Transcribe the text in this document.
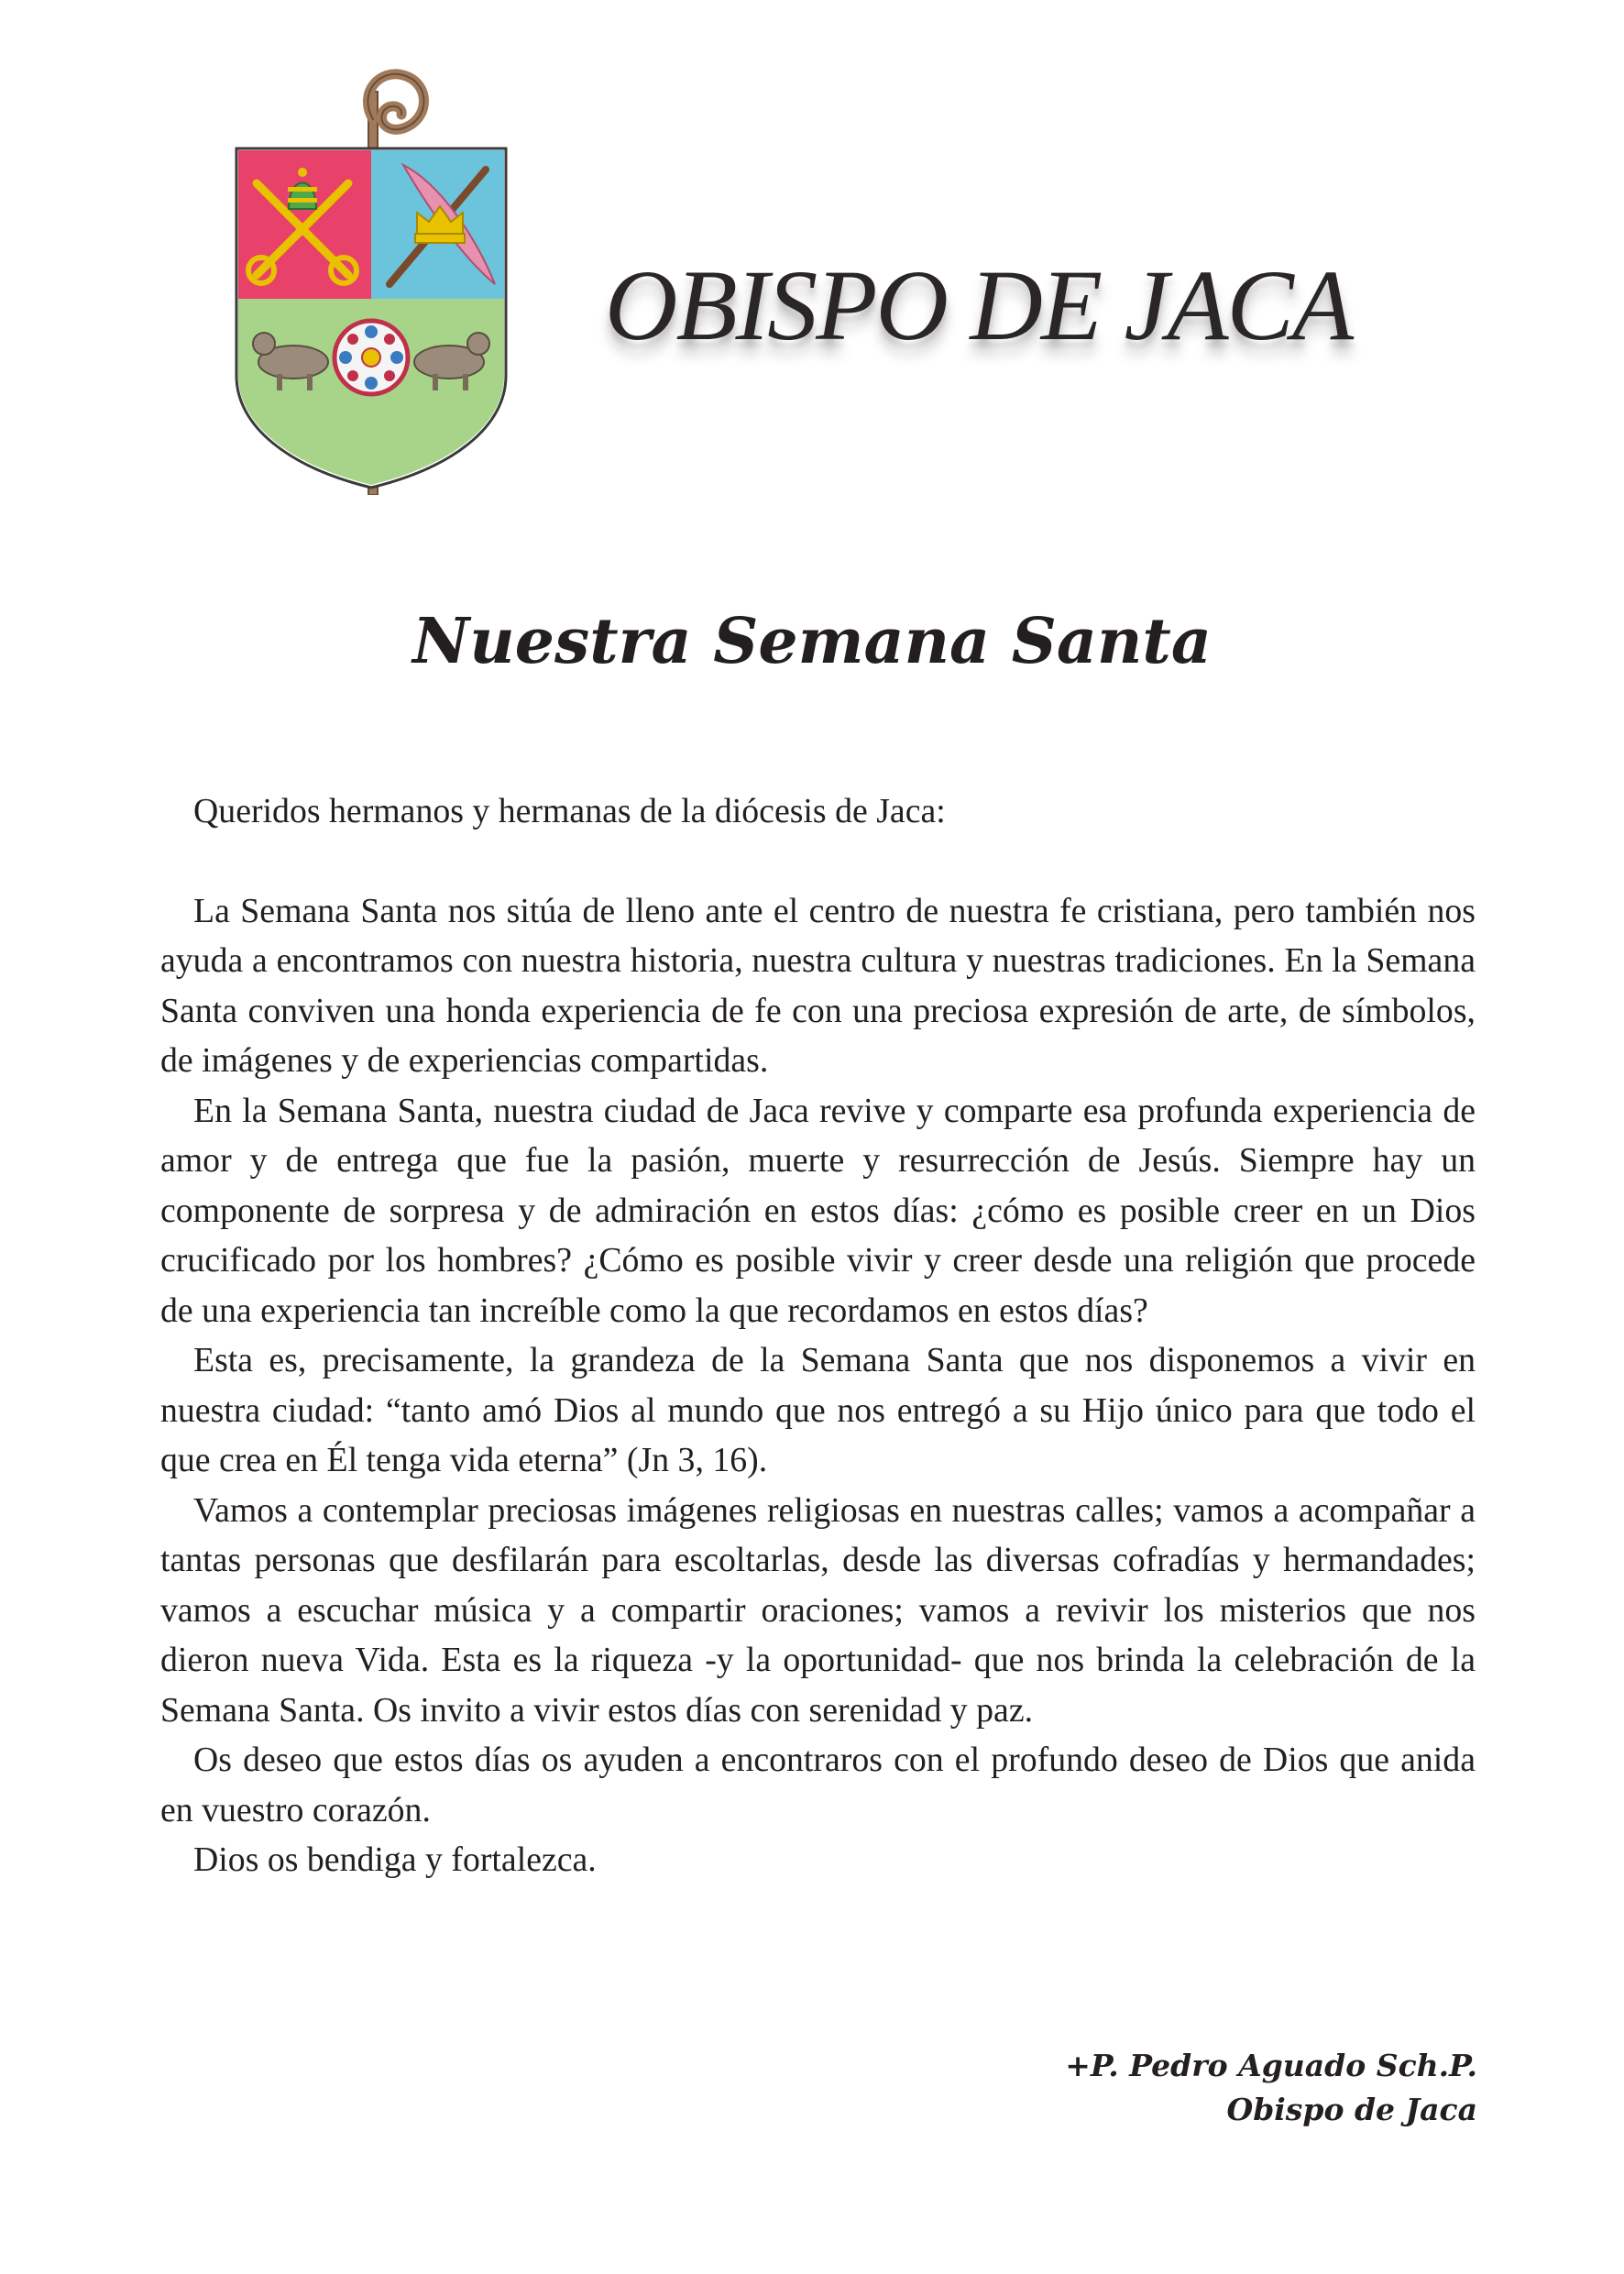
OBISPO DE JACA
Nuestra Semana Santa

Queridos hermanos y hermanas de la diócesis de Jaca:

La Semana Santa nos sitúa de lleno ante el centro de nuestra fe cristiana, pero también nos ayuda a encontramos con nuestra historia, nuestra cultura y nuestras tradiciones. En la Semana Santa conviven una honda experiencia de fe con una preciosa expresión de arte, de símbolos, de imágenes y de experiencias compartidas.

En la Semana Santa, nuestra ciudad de Jaca revive y comparte esa profunda experiencia de amor y de entrega que fue la pasión, muerte y resurrección de Jesús. Siempre hay un componente de sorpresa y de admiración en estos días: ¿cómo es posible creer en un Dios crucificado por los hombres? ¿Cómo es posible vivir y creer desde una religión que procede de una experiencia tan increíble como la que recordamos en estos días?

Esta es, precisamente, la grandeza de la Semana Santa que nos disponemos a vivir en nuestra ciudad: “tanto amó Dios al mundo que nos entregó a su Hijo único para que todo el que crea en Él tenga vida eterna” (Jn 3, 16).

Vamos a contemplar preciosas imágenes religiosas en nuestras calles; vamos a acompañar a tantas personas que desfilarán para escoltarlas, desde las diversas cofradías y hermandades; vamos a escuchar música y a compartir oraciones; vamos a revivir los misterios que nos dieron nueva Vida. Esta es la riqueza -y la oportunidad- que nos brinda la celebración de la Semana Santa. Os invito a vivir estos días con serenidad y paz.

Os deseo que estos días os ayuden a encontraros con el profundo deseo de Dios que anida en vuestro corazón.

Dios os bendiga y fortalezca.

+P. Pedro Aguado Sch.P.
Obispo de Jaca
